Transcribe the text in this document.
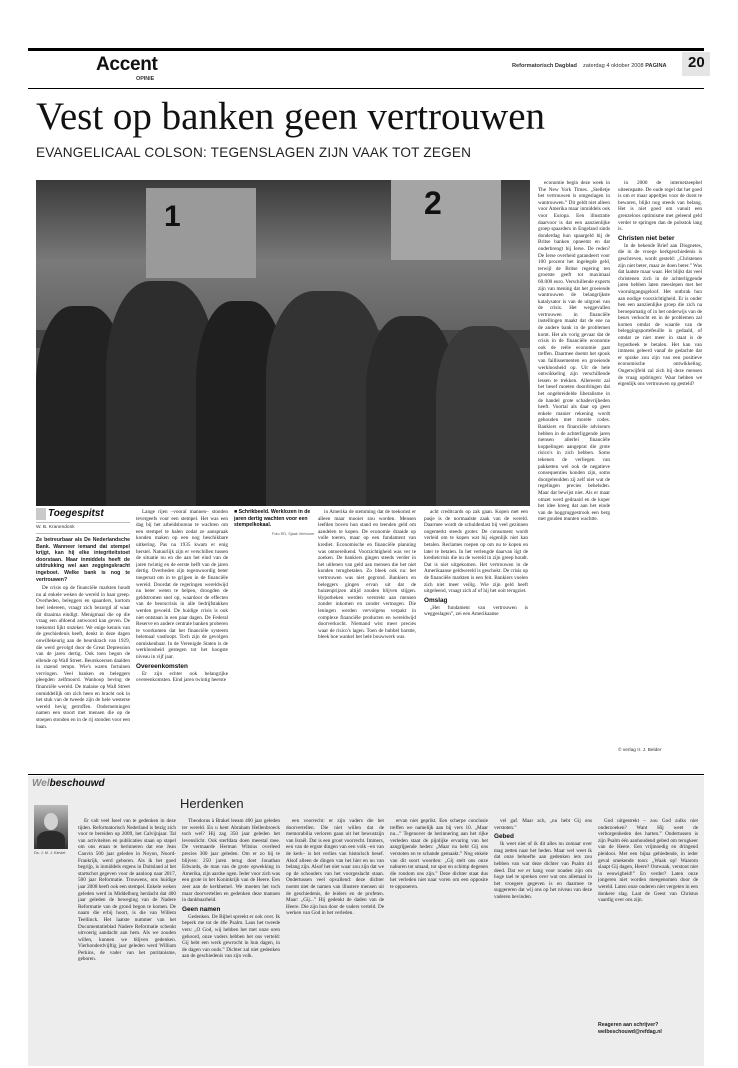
Accent
OPINIE
Reformatorisch Dagblad zaterdag 4 oktober 2008 PAGINA 20
Vest op banken geen vertrouwen
EVANGELICAAL COLSON: TEGENSLAGEN ZIJN VAAK TOT ZEGEN
1	2

economie begin deze week in The New York Times. „Stelletje het vertrouwen is omgeslagen in wantrouwen.” Dit geldt niet alleen voor Amerika maar inmiddels ook voor Europa. Een illustratie daarvoor is dat een aanzienlijke groep spaarders in Engeland sinds donderdag hun spaargeld bij de Britse banken opneemt en dat onderbrengt bij Ierse. De reden? De Ierse overheid garandeert voor 100 procent het ingelegde geld, terwijl de Britse regering ten grootste geeft tot maximaal 60.000 euro. Verschillende experts zijn van mening dat het groeiende wantrouwen de belangrijkste katalysator is van de uitgroei van de crisis. Het weggevallen vertrouwen in financiële instellingen maakt dat de ene na de andere bank in de problemen komt. Het als vorig gevaar dat de crisis in de financiële economie ook de reële economie gaat treffen. Daarmee doemt het spook van faillissementen en groeiende werkloosheid op. Uit de hele ontwikkeling zijn verschillende lessen te trekken. Allereerst zal het besef moeten doordringen dat het ongebreidelde liberalisme in de handel grote schadevrijheden heeft. Voortal als daar op geen enkele manier rekening wordt gehouden met morele codes. Bankiers en financiële adviseurs hebben in de achterliggende jaren mensen allerlei financiële koppelingen aangeprat die grote risico's in zich hebben. Soms tekenen de verliegen van pakketten wel ook de negatieve consequenties konden zijn, soms doorgelendden zij zelf niet wat de regelingen precies behelsden. Maar dat bewijst niet. Als er maar omzet werd gedraaid en de koper het idee kreeg dat aan het einde van de hoggruggestrook een berg met gouden munten wachtte.

in 2000 de internetzeepbel uiteenspatte. De oude regel dat het goed is om er maar appeltjes voor de dorst te bewaren, blijkt nog steeds van belang. Het is niet goed om vanuit een grenzeloos optimisme met geleend geld verder te springen dan de polsstok lang is.

Christen niet beter

In de bekende Brief aan Diognetes, die in de vroege kerkgeschiedenis is geschreven, wordt gesteld: „Christenen zijn niet beter, maar ze doen beter.” Was dat laatste maar waar. Het blijkt dat veel christenen zich in de achterliggende jaren hebben laten meeslepen met het vooruitgangsgeloof. Het ontbrak hun aan nodige voorzichtigheid. Er is onder hen een aanzienlijke groep die zich na beroepsmatig of in het onderwijs van de beurs verkocht en in de problemen zal komen omdat de waarde van de beleggingsportefeuille is gedaald, of omdat ze niet meer in staat is de hypotheek te betalen. Het kan van immens geleerd vanaf de gedachte dat er sprake zou zijn van een positieve economische ontwikkeling. Ongetwijfeld zal zich bij deze mensen de vraag opdringen: Waar hebben we eigenlijk ons vertrouwen op gesteld?

© verlag Ir. J. Belder
Toegespitst
W. B. Kranendonk

Ze betreurbaar als De Nederlandsche Bank. Wanneer iemand dat stempel krijgt, kan hij elke integriteitstoet doorstaan. Maar inmiddels heeft de uitdrukking wel aan zeggingskracht ingeboet. Welke bank is nog te vertrouwen?

De crisis op de financiële markten houdt nu al enkele weken de wereld in haar greep. Overheden, beleggers en spaarders, kortom heel iedereen, vraagt zich bezorgd af waar dit draaima eindigt. Menigmaal die op die vraag een afdoend antwoord kan geven. De toekomst lijkt onzeker. We enige kennis van de geschiedenis heeft, denkt in deze dagen onwillekeurig aan de beurskrach van 1929, die werd gevolgd door de Great Depression van de jaren dertig. Ook toen begon de ellende op Wall Street. Beurskoersen daalden in razend tempo. Wie's waren fortuinen vervlogen. Veel banken en beleggers pleegden zelfmoord. Wanhoop beving de financiële wereld. De malaise op Wall Street onmiddellijk om zich heen en bracht ook in het stuk van de tweede zijn de hele westerse wereld hevig getroffen. Ondernemingen namen een stoort met mensen die op de stoepen stonden en in de rij stonden voor een baan.

Lange rijen –vooral mannen– stonden tevergeefs voor een stempel. Het was een dag bij het arbeidsbureau te wachten om een stempel te halen zodat ze aanspraak konden maken op een nog beschikbare uitkering. Pas na 1935 kwam er enig herstel. Natuurlijk zijn er verschillen tussen de situatie nu en die aan het eind van de jaren twintig en de eerste helft van de jaren dertig. Overheden zijn tegenwoordig beter toegerust om in te grijpen in de financiële wereld. Doordat de regeringen wereldwijd nu beter weten te helpen, droogden de geldstromen snel op, waardoor de effecten van de beurscrisis in alle bedrijfstakken werden gevoeld. De huidige crisis is ook niet ontstaan in een paar dagen. De Federal Reserve en andere centrale banken proberen te voorkomen dat het financiële systeem helemaal vastloopt. Toch zijn de gevolgen onmiskenbaar. In de Verenigde Staten is de werkloosheid gestegen tot het hoogste niveau in vijf jaar.

Overeenkomsten

Er zijn echter ook belangrijke overeenkomsten. Eind jaren twintig heerste

■ Schrikbeeld. Werklozen in de jaren dertig wachten voor een stempelkokaal.
Foto RD, Sjaak Verboom

in Amerika de stemming dat de toekomst er alleen maar mooier zou worden. Mensen leefden boven hun stand en leenden geld om aandelen te kopen. De economie draaide op volle toeren, maar op een fundament van krediet. Economische en financiële planning was ontoereikend. Voorzichtigheid was ver te zoeken. De bankiers gingen steeds verder in het uitlenen van geld aan mensen die het niet konden terugbetalen. Zo bleek ook nu: het vertrouwen was niet gegrond. Bankiers en beleggers gingen ervan uit dat de huizenprijzen altijd zouden blijven stijgen. Hypotheken werden verstrekt aan mensen zonder inkomen en zonder vermogen. Die leningen werden vervolgens verpakt in complexe financiële producten en wereldwijd doorverkocht. Niemand wist meer precies waar de risico's lagen. Toen de bubbel barstte, bleek hoe wankel het hele bouwwerk was.

acht creditcards op zak gaan. Kopen met een pasje is de normaalste zaak van de wereld. Daarmee wordt de schuldenlast bij veel gezinnen ongemerkt steeds groter. De consument wordt verleid om te kopen wat hij eigenlijk niet kan betalen. Reclames roepen op om nu te kopen en later te betalen. In het verlengde daarvan ligt de kredietcrisis die nu de wereld in zijn greep houdt. Dat is niet uitgekomen. Het vertrouwen in de Amerikaanse geldwereld is geschokt. De crisis op de financiële markten is een feit. Bankiers voelen zich niet meer veilig. Wie zijn geld heeft uitgeleend, vraagt zich af of hij het ooit terugziet.

Omslag

„Het fundament van vertrouwen is weggeslagen”, zei een Amerikaanse

Welbeschouwd
Herdenken
Ds. J. M. J. Kieviet

Er valt veel Iseel van te gedenken in deze tijden. Reformatorisch Nederland is bezig zich voor te bereiden op 2009, het Calvijnjaar. Tal van activiteiten en publicaties staan op stapel om ons eraan te herinneren dat ene Jean Cauvin 500 jaar geleden in Noyon, Noord-Frankrijk, werd geboren. Als ik het goed begrijp, is inmiddels ergens in Duitsland al het startschot gegeven voor de aanloop naar 2017, 500 jaar Reformatie. Trouwens, ons huidige jaar 2008 heeft ook een stempel. Enkele weken geleden werd in Middelburg herdacht dat 400 jaar geleden de beweging van de Nadere Reformatie van de grond begon te komen. De naam die erbij hoort, is die van Willem Teellinck. Het laatste nummer van het Documentatieblad Nadere Reformatie schenkt uitvoerig aandacht aan hem. Als we zouden willen, kunnen we blijven gedenken. Vierhonderdvijftig jaar geleden werd William Perkins, de vader van het puritanisme, geboren.

Theodorus à Brakel leeam 400 jaar geleden ter wereld. En u kent Abraham Hellenbroeck toch wel? Hij zag 350 jaar geleden het levenslicht. Ook sterfdata doen meestal mee. De vermaarde Herman Witsius overleed precies 300 jaar geleden. Om er zo bij te blijven: 250 jaren terug doet Jonathan Edwards, de man van de grote opwekking in Amerika, zijn aardse ogen. Ieder voor zich was een grote in het Koninkrijk van de Heere. Een zeer aan de kerkhemel. We moeten het toch maar doorvertellen en gedenken deze mannen in dankbaarheid.

Geen namen

Gedenken. De Bijbel spreekt er ook over. Ik beperk me tot de 46e Psalm. Laus het tweede vers: „O God, wij hebben het met onze oren gehoord, onze vaders hebben het ons verteld: Gij hebt een werk gewrocht in hun dagen, in de dagen van ouds.” Dichter zal niet gedenken aan de geschiedenis van zijn volk.

een voorrecht: er zijn vaders die het doorvertellen. Die niet willen dat de memorabilia verloren gaan uit het bewustzijn van Israël. Dat is een groot voorrecht. Immers, een van de ergste dingen van een volk –en van de kerk– is het verlies van historisch besef. Alsof alleen de dingen van het hier en nu van belang zijn. Alsof het niet waar zou zijn dat we op de schouders van het voorgeslacht staan. Ondertussen veel opvallend: deze dichter noemt niet de namen van illustere mensen uit de geschiedenis, de leiders en de profeten. Maar: „Gij...” Hij gedenkt de daden van de Heere. Die zijn hun door de vaders verteld. De werken van God in het verleden.

ervan niet geprikt. Een scherpe conclusie treffen we namelijk aan bij vers 10. „Maar nu...” Tegenover de herinnering aan het rijke verleden staat de pijnlijke ervaring van het aangrijpende heden: „Maar nu hebt Gij ons verstoten en te schande gemaakt.” Nog enkele van dit soort woorden: „Gij stelt ons onze naburen tot smaad, tot spot en schimp degenen die rondom ons zijn.” Deze dichter staat dus het verleden niet naar voren om een opposite te opponeren.

vel gaf. Maar ach, „nu hebt Gij ons verstoten.”

Gebed

Ik weet niet of ik dit alles nu zomaar over mag zetten naar het heden. Maar wel weet ik dat onze behoefte aan gedenken iets zou hebben van wat deze dichter van Psalm 44 deed. Dat we er hang voor noaden zijn om hoge tael te spreken over wat ons allemaal in het vroegere gegeven is en daarmee te suggereren dat wij ons op het niveau van deze vaderen bevinden.

God uitgestrekt – zou God zulks niet onderzoeken? Want Hij weet de verborgenheden des harten.” Ondertussen is zijn Psalm één aanhoudend gebed om terugkeer van de Heere. Een vrijmoedig en dringend pleidooi. Met een bijna gebiedende, in ieder geval smekende toon: „Waak op! Waarom slaapt Gij dagen, Heere? Ontwaak, verstoot niet in eeuwigheid!” En verder? Laten onze jongeren niet worden meegenomen door de wereld. Laten onze ouderen niet vergeten in een donkere slag. Laat de Geest van Christus vaardig over ons zijn.

Reageren aan schrijver?
welbeschouwd@refdag.nl
